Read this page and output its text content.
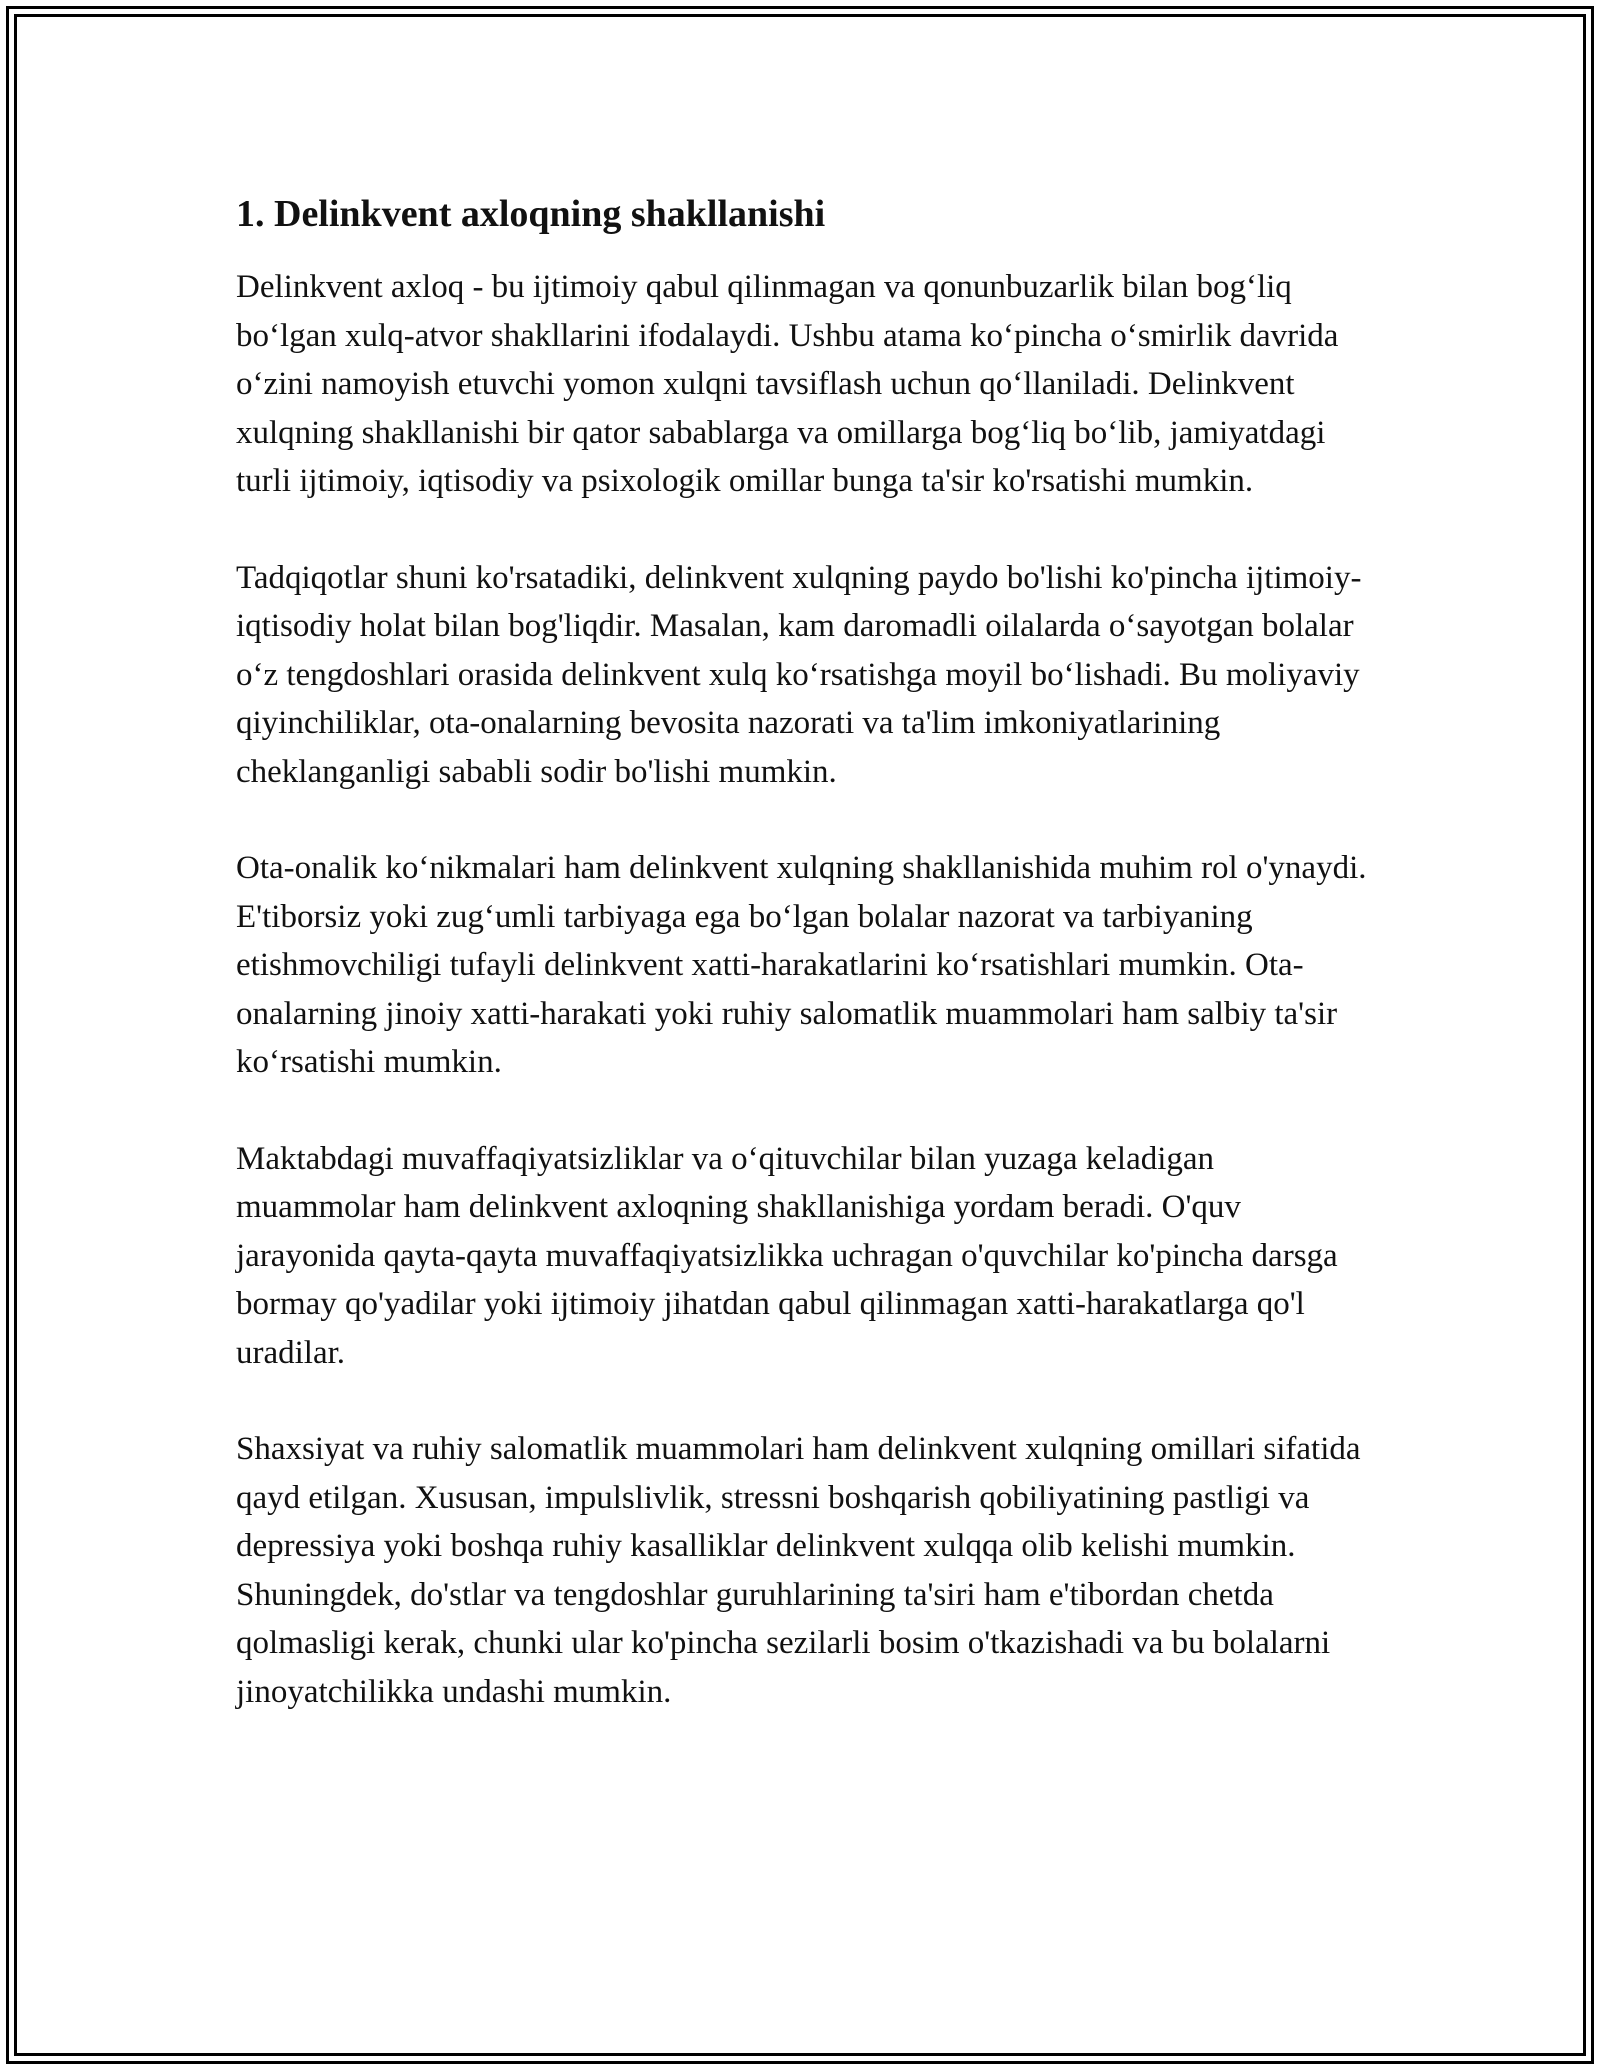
1. Delinkvent axloqning shakllanishi

Delinkvent axloq - bu ijtimoiy qabul qilinmagan va qonunbuzarlik bilan bog‘liq bo‘lgan xulq-atvor shakllarini ifodalaydi. Ushbu atama ko‘pincha o‘smirlik davrida o‘zini namoyish etuvchi yomon xulqni tavsiflash uchun qo‘llaniladi. Delinkvent xulqning shakllanishi bir qator sabablarga va omillarga bog‘liq bo‘lib, jamiyatdagi turli ijtimoiy, iqtisodiy va psixologik omillar bunga ta'sir ko'rsatishi mumkin.

Tadqiqotlar shuni ko'rsatadiki, delinkvent xulqning paydo bo'lishi ko'pincha ijtimoiy-iqtisodiy holat bilan bog'liqdir. Masalan, kam daromadli oilalarda o‘sayotgan bolalar o‘z tengdoshlari orasida delinkvent xulq ko‘rsatishga moyil bo‘lishadi. Bu moliyaviy qiyinchiliklar, ota-onalarning bevosita nazorati va ta'lim imkoniyatlarining cheklanganligi sababli sodir bo'lishi mumkin.

Ota-onalik ko‘nikmalari ham delinkvent xulqning shakllanishida muhim rol o'ynaydi. E'tiborsiz yoki zug‘umli tarbiyaga ega bo‘lgan bolalar nazorat va tarbiyaning etishmovchiligi tufayli delinkvent xatti-harakatlarini ko‘rsatishlari mumkin. Ota-onalarning jinoiy xatti-harakati yoki ruhiy salomatlik muammolari ham salbiy ta'sir ko‘rsatishi mumkin.

Maktabdagi muvaffaqiyatsizliklar va o‘qituvchilar bilan yuzaga keladigan muammolar ham delinkvent axloqning shakllanishiga yordam beradi. O'quv jarayonida qayta-qayta muvaffaqiyatsizlikka uchragan o'quvchilar ko'pincha darsga bormay qo'yadilar yoki ijtimoiy jihatdan qabul qilinmagan xatti-harakatlarga qo'l uradilar.

Shaxsiyat va ruhiy salomatlik muammolari ham delinkvent xulqning omillari sifatida qayd etilgan. Xususan, impulslivlik, stressni boshqarish qobiliyatining pastligi va depressiya yoki boshqa ruhiy kasalliklar delinkvent xulqqa olib kelishi mumkin. Shuningdek, do'stlar va tengdoshlar guruhlarining ta'siri ham e'tibordan chetda qolmasligi kerak, chunki ular ko'pincha sezilarli bosim o'tkazishadi va bu bolalarni jinoyatchilikka undashi mumkin.
